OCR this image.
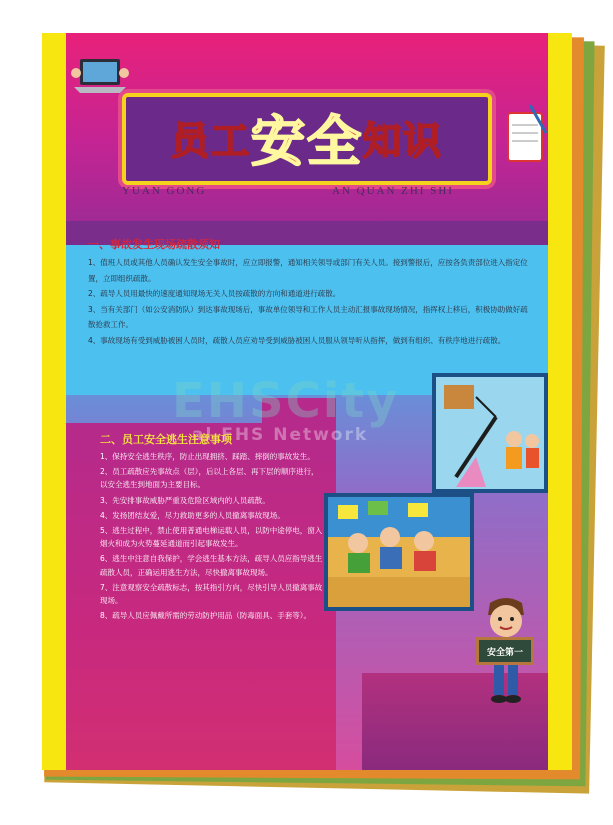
员工 安全 知识
YUAN GONG	AN QUAN ZHI SHI
一、事故发生现场疏散须知
1、值班人员或其他人员确认发生安全事故时，应立即报警，通知相关领导或部门有关人员。接到警报后，应按各负责部位进入指定位置，立即组织疏散。
2、疏导人员用最快的速度通知现场无关人员按疏散的方向和通道进行疏散。
3、当有关部门（如公安消防队）到达事故现场后，事故单位领导和工作人员主动汇报事故现场情况，指挥权上移后，积极协助做好疏散抢救工作。
4、事故现场有受到威胁被困人员时，疏散人员应劝导受到威胁被困人员服从领导听从指挥，做到有组织、有秩序地进行疏散。
EHSCity
al EHS Network
二、员工安全逃生注意事项
1、保持安全逃生秩序，防止出现拥挤、踩踏、摔倒的事故发生。
2、员工疏散应先事故点（层），后以上各层、再下层的顺序进行，以安全逃生到地面为主要目标。
3、先安排事故威胁严重及危险区域内的人员疏散。
4、发扬团结友爱，尽力救助更多的人员撤离事故现场。
5、逃生过程中，禁止使用普通电梯运载人员，以防中途停电，窗入烟火和成为火势蔓延通道而引起事故发生。
6、逃生中注意自我保护，学会逃生基本方法，疏导人员应指导逃生疏散人员，正确运用逃生方法，尽快撤离事故现场。
7、注意观察安全疏散标志，按其指引方向，尽快引导人员撤离事故现场。
8、疏导人员应佩戴所需的劳动防护用品（防毒面具、手套等）。
安全第一
